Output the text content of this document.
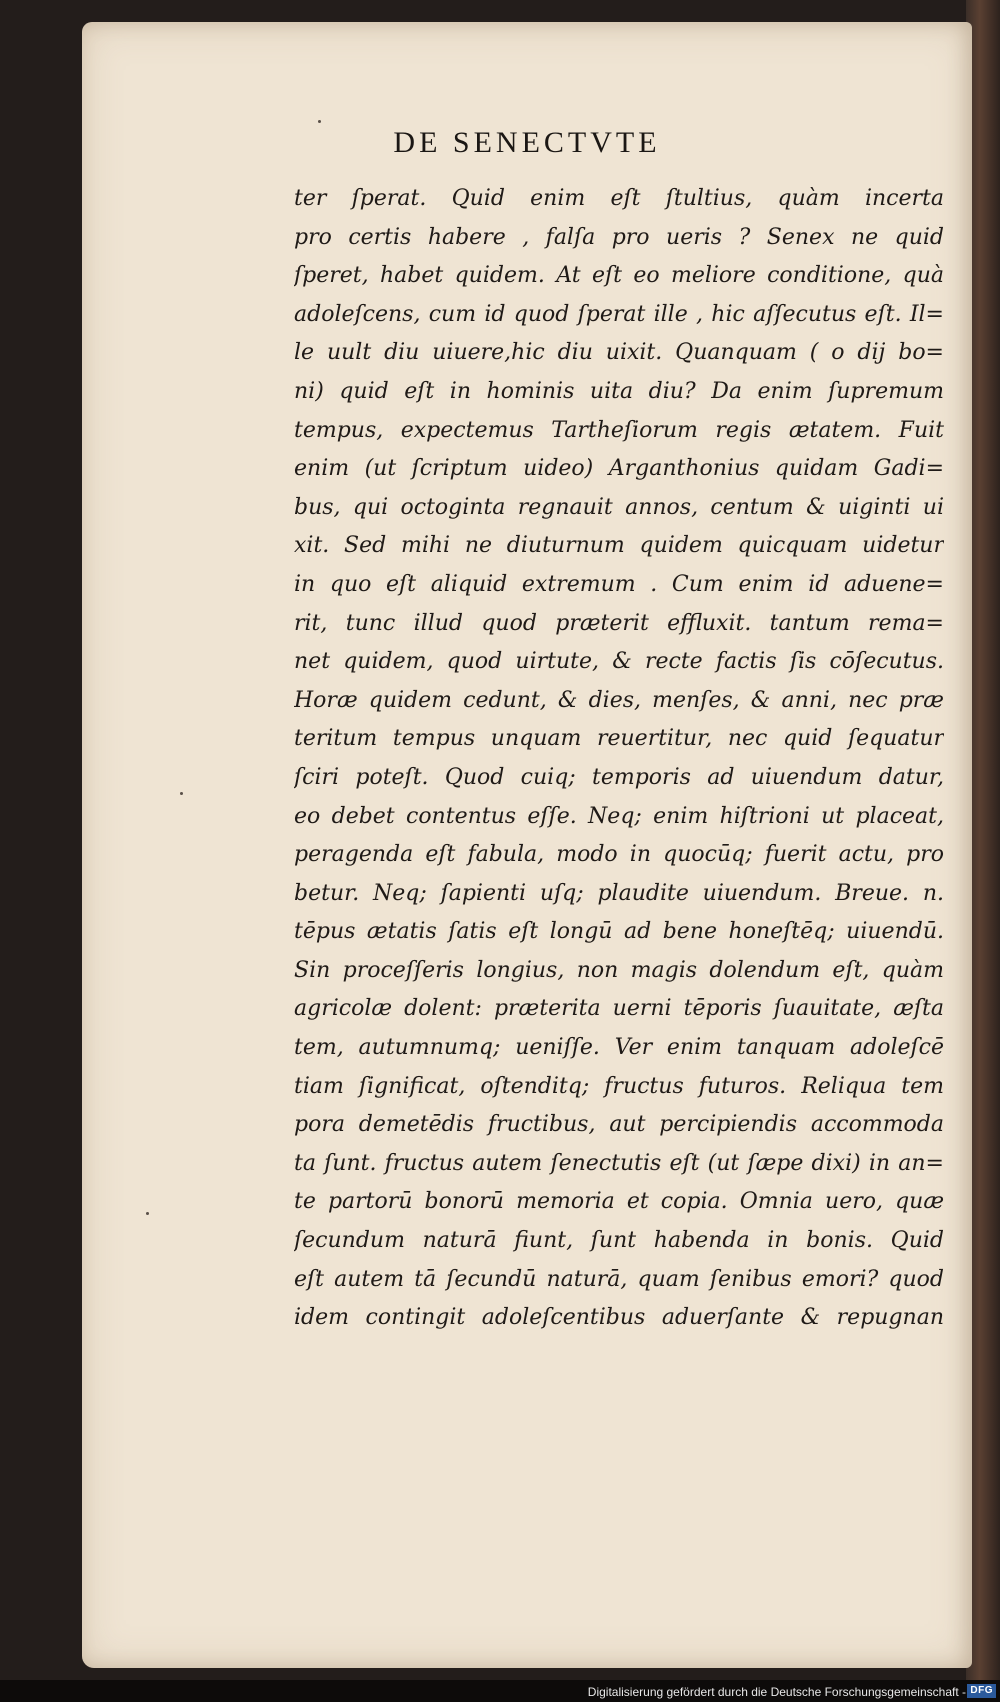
DE SENECTVTE
ter ſperat. Quid enim eſt ſtultius, quàm incerta
pro certis habere , falſa pro ueris ? Senex ne quid
ſperet, habet quidem. At eſt eo meliore conditione, quà
adoleſcens, cum id quod ſperat ille , hic aſſecutus eſt. Il=
le uult diu uiuere,hic diu uixit. Quanquam ( o dij bo=
ni) quid eſt in hominis uita diu? Da enim ſupremum
tempus, expectemus Tartheſiorum regis ætatem. Fuit
enim (ut ſcriptum uideo) Arganthonius quidam Gadi=
bus, qui octoginta regnauit annos, centum & uiginti ui
xit. Sed mihi ne diuturnum quidem quicquam uidetur
in quo eſt aliquid extremum . Cum enim id aduene=
rit, tunc illud quod præterit effluxit. tantum rema=
net quidem, quod uirtute, & recte factis ſis cōſecutus.
Horæ quidem cedunt, & dies, menſes, & anni, nec præ
teritum tempus unquam reuertitur, nec quid ſequatur
ſciri poteſt. Quod cuiq; temporis ad uiuendum datur,
eo debet contentus eſſe. Neq; enim hiſtrioni ut placeat,
peragenda eſt fabula, modo in quocūq; fuerit actu, pro
betur. Neq; ſapienti uſq; plaudite uiuendum. Breue. n.
tēpus ætatis ſatis eſt longū ad bene honeſtēq; uiuendū.
Sin proceſſeris longius, non magis dolendum eſt, quàm
agricolæ dolent: præterita uerni tēporis ſuauitate, æſta
tem, autumnumq; ueniſſe. Ver enim tanquam adoleſcē
tiam ſignificat, oſtenditq; fructus futuros. Reliqua tem
pora demetēdis fructibus, aut percipiendis accommoda
ta ſunt. fructus autem ſenectutis eſt (ut ſæpe dixi) in an=
te partorū bonorū memoria et copia. Omnia uero, quæ
ſecundum naturā fiunt, ſunt habenda in bonis. Quid
eſt autem tā ſecundū naturā, quam ſenibus emori? quod
idem contingit adoleſcentibus aduerſante & repugnan
Digitalisierung gefördert durch die Deutsche Forschungsgemeinschaft - DFG
